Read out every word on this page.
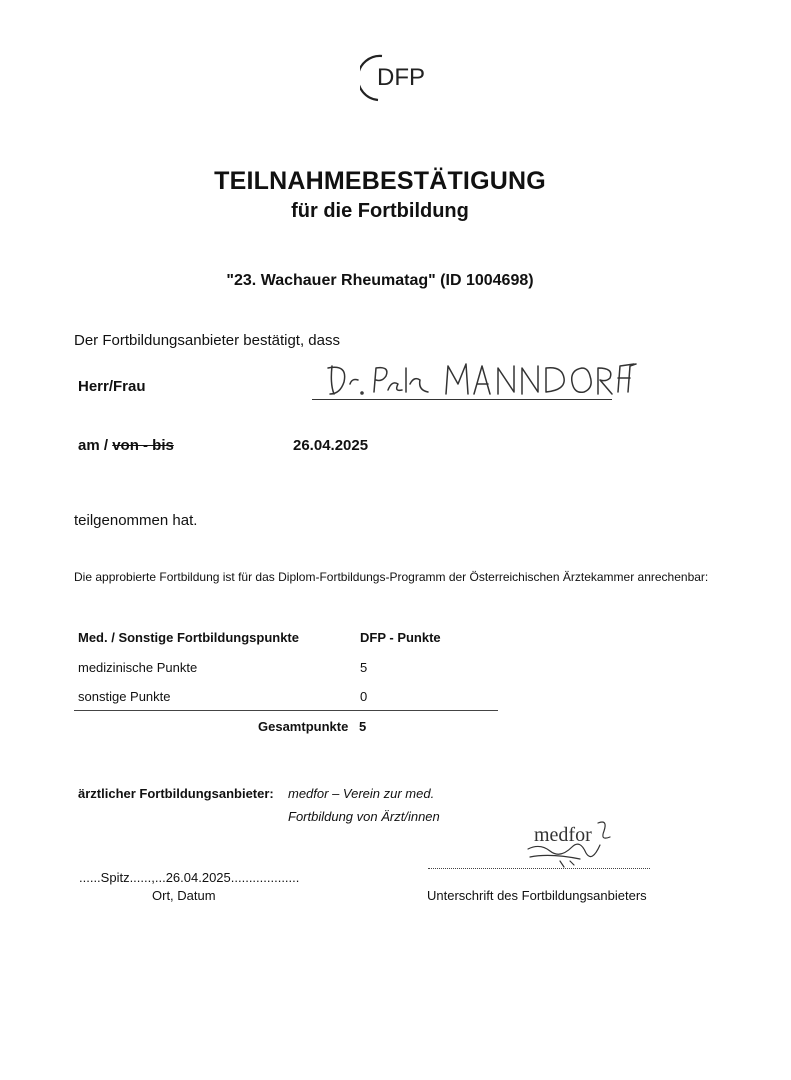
DFP
TEILNAHMEBESTÄTIGUNG
für die Fortbildung
"23. Wachauer Rheumatag" (ID 1004698)
Der Fortbildungsanbieter bestätigt, dass
Herr/Frau
am / von - bis	26.04.2025
teilgenommen hat.
Die approbierte Fortbildung ist für das Diplom-Fortbildungs-Programm der Österreichischen Ärztekammer anrechenbar:
Med. / Sonstige Fortbildungspunkte	DFP - Punkte
medizinische Punkte	5
sonstige Punkte	0
Gesamtpunkte 5
ärztlicher Fortbildungsanbieter: medfor – Verein zur med.
Fortbildung von Ärzt/innen
medfor
......Spitz......,...26.04.2025...................
Ort, Datum	Unterschrift des Fortbildungsanbieters
